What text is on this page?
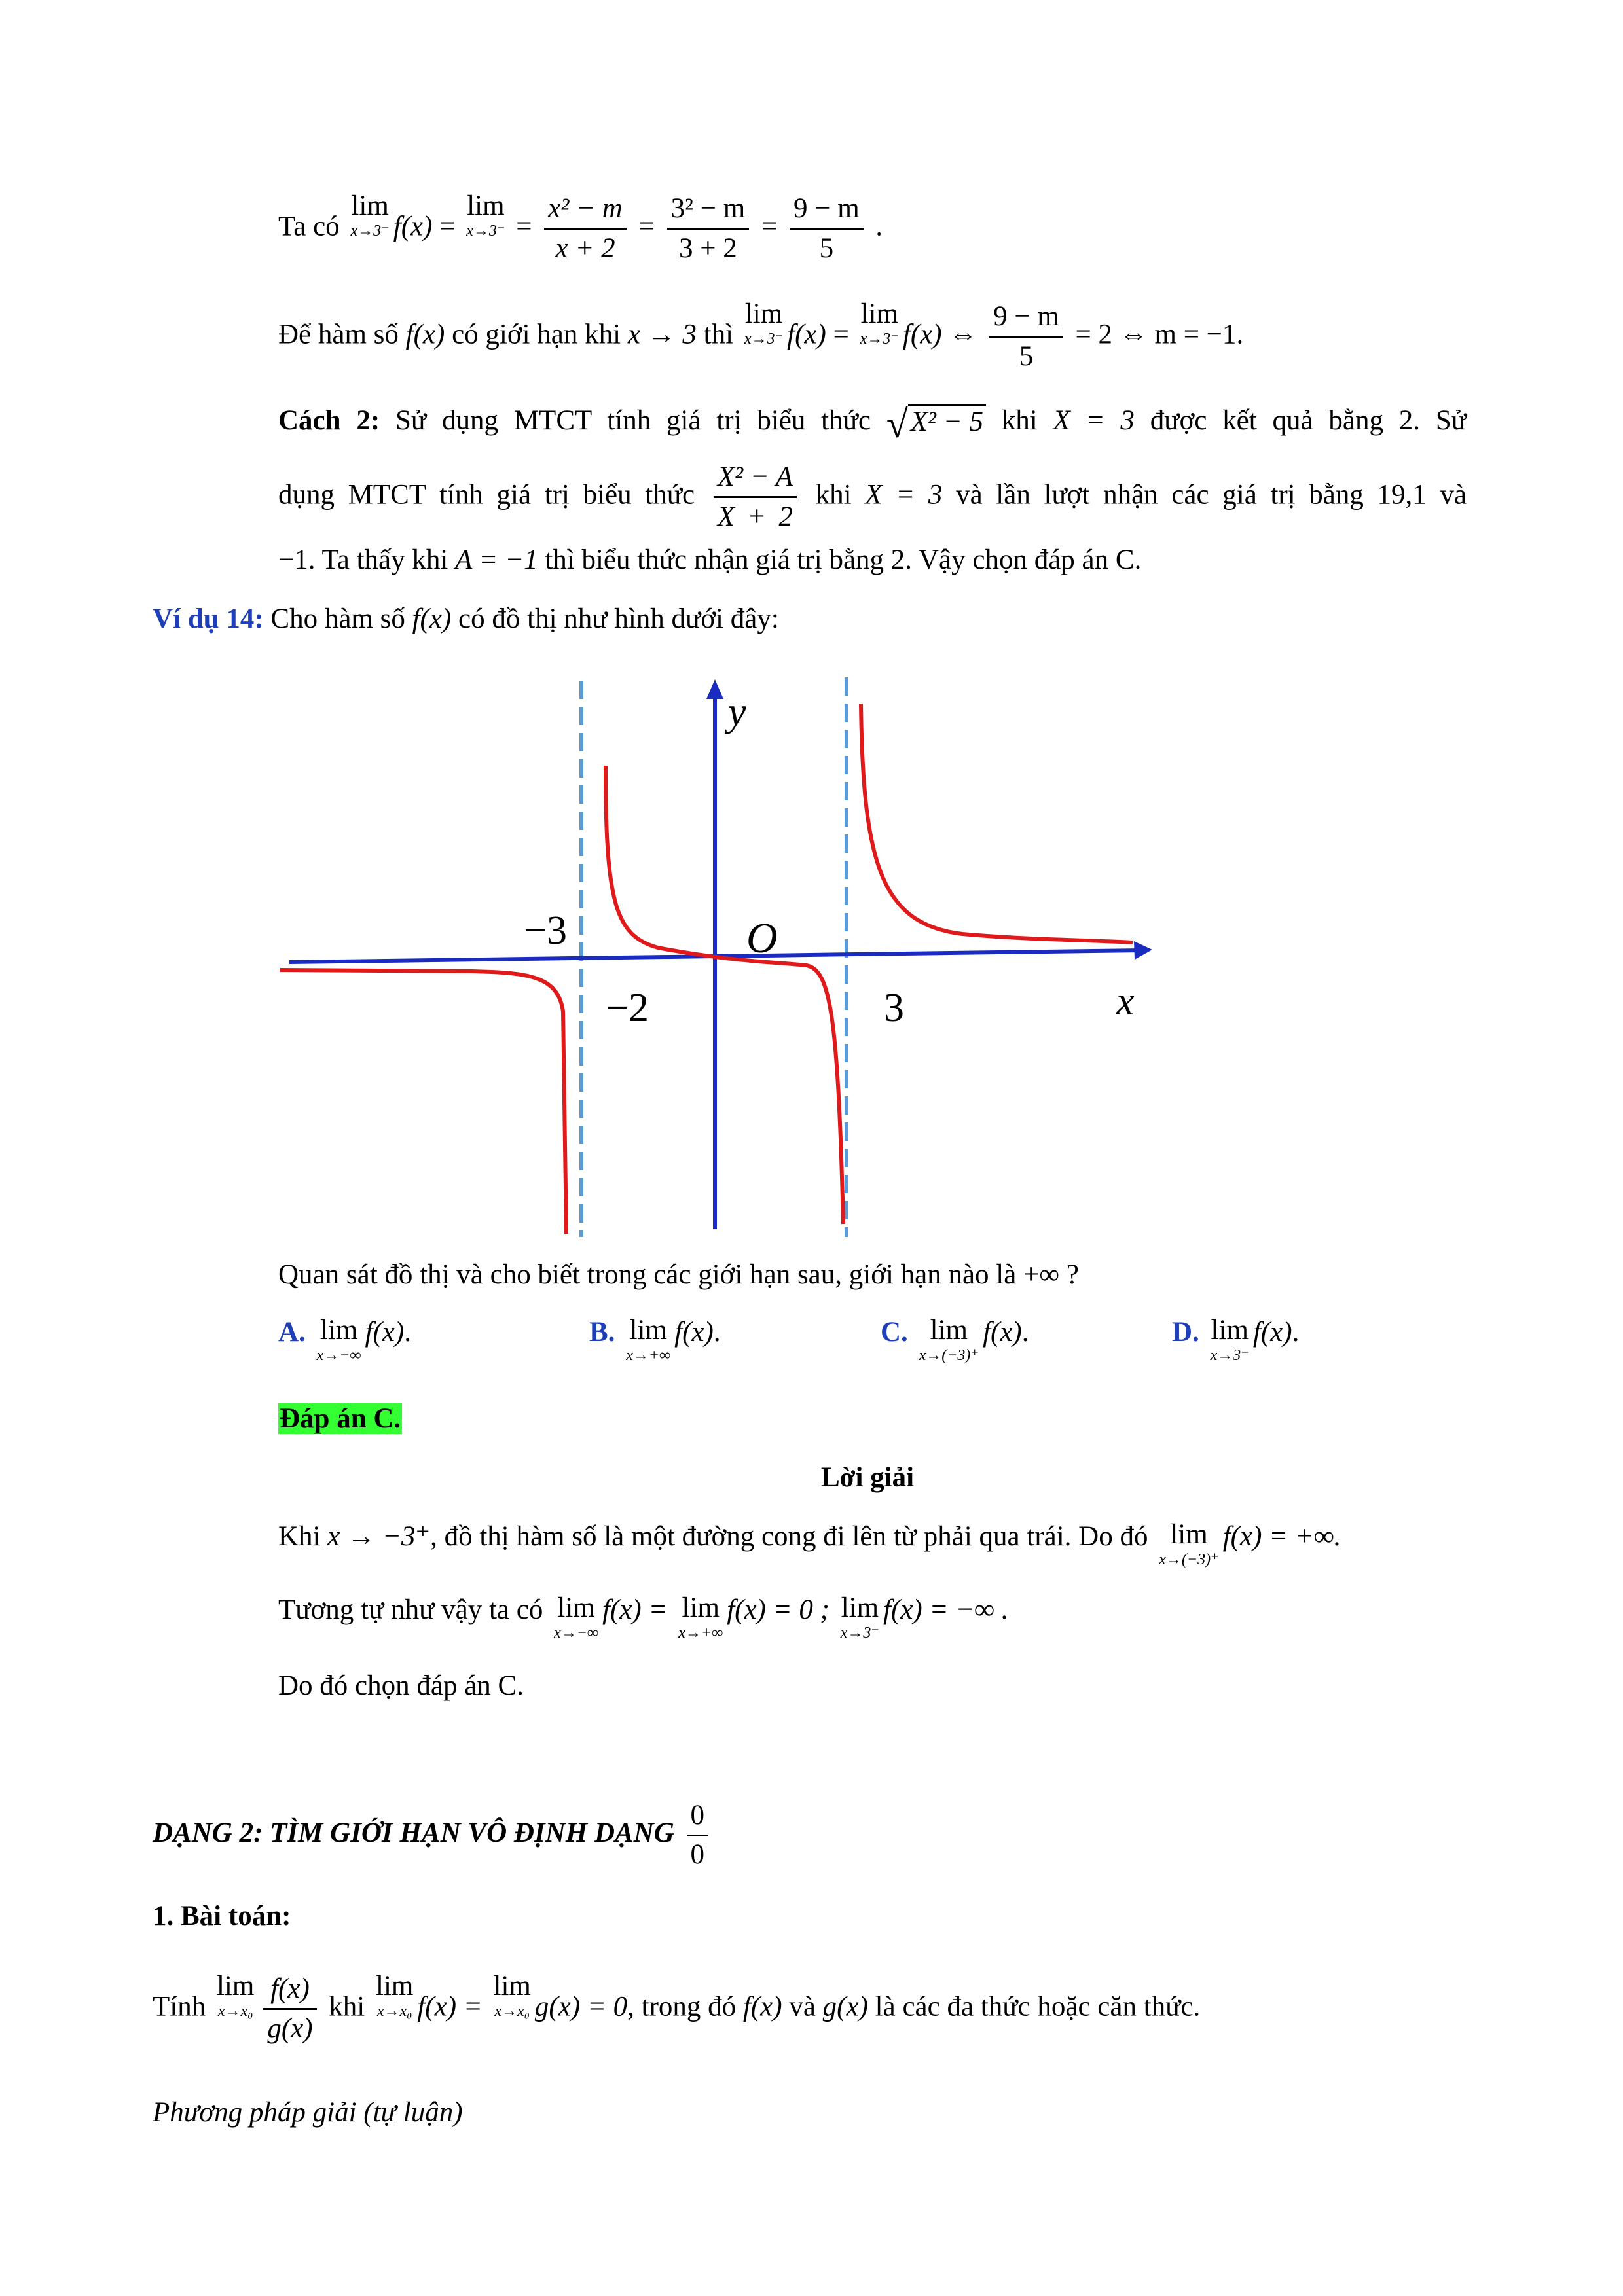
Ta có
lim
x→3⁻ f(x) =
lim
$x\to 3^- = \frac{\text{x² − m}}{x + 2} = \frac{\text{3² − m}}{3 + 2} = \frac{9 - m}{5}$ .
Để hàm số f(x) có giới hạn khi x → 3 thì
lim
x→3⁻ f(x) =
lim
x→3⁻ f(x) ⇔ $\frac{9 - m}{5} = 2$ ⇔ m = −1.
Cách 2: Sử dụng MTCT tính giá trị biểu thức √X² − 5 khi X = 3 được kết quả bằng 2. Sử
dụng MTCT tính giá trị biểu thức $\frac{\text{X² − A}}{X + 2}$ khi X = 3 và lần lượt nhận các giá trị bằng 19,1 và
−1. Ta thấy khi A = −1 thì biểu thức nhận giá trị bằng 2. Vậy chọn đáp án C.
Ví dụ 14: Cho hàm số f(x) có đồ thị như hình dưới đây:
y
x
O
−3
−2	3
Quan sát đồ thị và cho biết trong các giới hạn sau, giới hạn nào là +∞ ?
A. lim
x→−∞
f(x).	B. lim
x→+∞
f(x).	C. lim
x→(−3)⁺
f(x).	D. lim
x→3⁻
f(x).
Đáp án C.
Lời giải
Khi x → −3⁺, đồ thị hàm số là một đường cong đi lên từ phải qua trái. Do đó lim
x→(−3)⁺
f(x) = +∞.
Tương tự như vậy ta có lim
x→−∞
f(x) = lim
x→+∞
f(x) = 0 ; lim
x→3⁻
f(x) = −∞ .
Do đó chọn đáp án C.
DẠNG 2: TÌM GIỚI HẠN VÔ ĐỊNH DẠNG $\frac{0}{0}$
1. Bài toán:
Tính
lim
$x\to x_0 \frac{f(x)}{g(x)}$ khi
lim
x→x₀ f(x) =
lim
x→x₀ g(x) = 0, trong đó f(x) và g(x) là các đa thức hoặc căn thức.
Phương pháp giải (tự luận)
